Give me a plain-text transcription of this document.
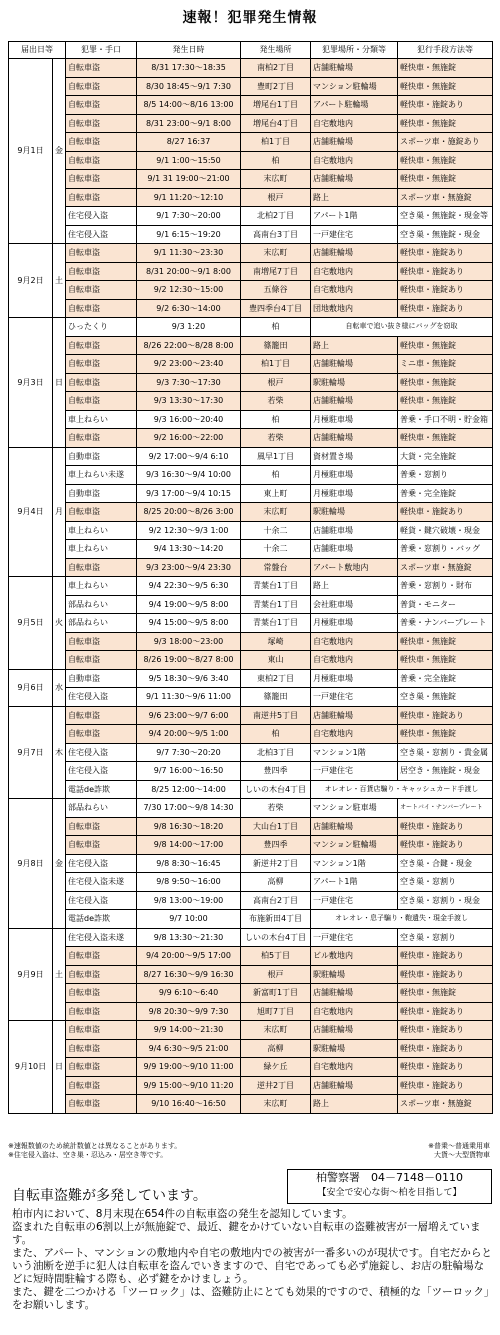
速報！犯罪発生情報
届出日等		犯罪・手口	発生日時	発生場所	犯罪場所・分類等	犯行手段方法等
9月1日	金	自転車盗	8/31 17:30～18:35	南柏2丁目	店舗駐輪場	軽快車・無施錠
		自転車盗	8/30 18:45～9/1 7:30	豊町2丁目	マンション駐輪場	軽快車・無施錠
		自転車盗	8/5 14:00～8/16 13:00	増尾台1丁目	アパート駐輪場	軽快車・施錠あり
		自転車盗	8/31 23:00～9/1 8:00	増尾台4丁目	自宅敷地内	軽快車・無施錠
		自転車盗	8/27 16:37	柏1丁目	店舗駐輪場	スポーツ車・施錠あり
		自転車盗	9/1 1:00～15:50	柏	自宅敷地内	軽快車・無施錠
		自転車盗	9/1 31 19:00～21:00	末広町	店舗駐輪場	軽快車・無施錠
		自転車盗	9/1 11:20～12:10	根戸	路上	スポーツ車・無施錠
		住宅侵入盗	9/1 7:30～20:00	北柏2丁目	アパート1階	空き巣・無施錠・現金等
		住宅侵入盗	9/1 6:15～19:20	高南台3丁目	一戸建住宅	空き巣・無施錠・現金
9月2日	土	自転車盗	9/1 11:30～23:30	末広町	店舗駐輪場	軽快車・施錠あり
		自転車盗	8/31 20:00～9/1 8:00	南増尾7丁目	自宅敷地内	軽快車・施錠あり
		自転車盗	9/2 12:30～15:00	五條谷	自宅敷地内	軽快車・施錠あり
		自転車盗	9/2 6:30～14:00	豊四季台4丁目	団地敷地内	軽快車・施錠あり
9月3日	日	ひったくり	9/3 1:20	柏	自転車で追い抜き様にバッグを窃取	
		自転車盗	8/26 22:00～8/28 8:00	篠籠田	路上	軽快車・無施錠
		自転車盗	9/2 23:00～23:40	柏1丁目	店舗駐輪場	ミニ車・無施錠
		自転車盗	9/3 7:30～17:30	根戸	駅駐輪場	軽快車・無施錠
		自転車盗	9/3 13:30～17:30	若柴	店舗駐輪場	軽快車・無施錠
		車上ねらい	9/3 16:00～20:40	柏	月極駐車場	普乗・手口不明・貯金箱
		自転車盗	9/2 16:00～22:00	若柴	店舗駐輪場	軽快車・無施錠
9月4日	月	自動車盗	9/2 17:00～9/4 6:10	風早1丁目	資材置き場	大貨・完全施錠
		車上ねらい未遂	9/3 16:30～9/4 10:00	柏	月極駐車場	普乗・窓割り
		自動車盗	9/3 17:00～9/4 10:15	東上町	月極駐車場	普乗・完全施錠
		自転車盗	8/25 20:00～8/26 3:00	末広町	駅駐輪場	軽快車・施錠あり
		車上ねらい	9/2 12:30～9/3 1:00	十余二	店舗駐車場	軽貨・鍵穴破壊・現金
		車上ねらい	9/4 13:30～14:20	十余二	店舗駐車場	普乗・窓割り・バッグ
		自転車盗	9/3 23:00～9/4 23:30	常盤台	アパート敷地内	スポーツ車・無施錠
9月5日	火	車上ねらい	9/4 22:30～9/5 6:30	青葉台1丁目	路上	普乗・窓割り・財布
		部品ねらい	9/4 19:00～9/5 8:00	青葉台1丁目	会社駐車場	普貨・モニター
		部品ねらい	9/4 15:00～9/5 8:00	青葉台1丁目	月極駐車場	普乗・ナンバープレート
		自転車盗	9/3 18:00～23:00	塚崎	自宅敷地内	軽快車・無施錠
		自転車盗	8/26 19:00～8/27 8:00	東山	自宅敷地内	軽快車・無施錠
9月6日	水	自動車盗	9/5 18:30～9/6 3:40	東柏2丁目	月極駐車場	普乗・完全施錠
		住宅侵入盗	9/1 11:30～9/6 11:00	篠籠田	一戸建住宅	空き巣・無施錠
9月7日	木	自転車盗	9/6 23:00～9/7 6:00	南逆井5丁目	店舗駐輪場	軽快車・施錠あり
		自転車盗	9/4 20:00～9/5 1:00	柏	自宅敷地内	軽快車・無施錠
		住宅侵入盗	9/7 7:30～20:20	北柏3丁目	マンション1階	空き巣・窓割り・貴金属
		住宅侵入盗	9/7 16:00～16:50	豊四季	一戸建住宅	居空き・無施錠・現金
		電話de詐欺	8/25 12:00～14:00	しいの木台4丁目	オレオレ・百貨店騙り・キャッシュカード手渡し	
9月8日	金	部品ねらい	7/30 17:00～9/8 14:30	若柴	マンション駐車場	オートバイ・ナンバープレート
		自転車盗	9/8 16:30～18:20	大山台1丁目	店舗駐輪場	軽快車・施錠あり
		自転車盗	9/8 14:00～17:00	豊四季	マンション駐輪場	軽快車・施錠あり
		住宅侵入盗	9/8 8:30～16:45	新逆井2丁目	マンション1階	空き巣・合鍵・現金
		住宅侵入盗未遂	9/8 9:50～16:00	高柳	アパート1階	空き巣・窓割り
		住宅侵入盗	9/8 13:00～19:00	高南台2丁目	一戸建住宅	空き巣・窓割り・現金
		電話de詐欺	9/7 10:00	布施新田4丁目	オレオレ・息子騙り・鞄遺失・現金手渡し	
9月9日	土	住宅侵入盗未遂	9/8 13:30～21:30	しいの木台4丁目	一戸建住宅	空き巣・窓割り
		自転車盗	9/4 20:00～9/5 17:00	柏5丁目	ビル敷地内	軽快車・施錠あり
		自転車盗	8/27 16:30～9/9 16:30	根戸	駅駐輪場	軽快車・施錠あり
		自転車盗	9/9 6:10～6:40	新富町1丁目	店舗駐輪場	軽快車・無施錠
		自転車盗	9/8 20:30～9/9 7:30	旭町7丁目	自宅敷地内	軽快車・施錠あり
9月10日	日	自転車盗	9/9 14:00～21:30	末広町	店舗駐輪場	軽快車・施錠あり
		自転車盗	9/4 6:30～9/5 21:00	高柳	駅駐輪場	軽快車・施錠あり
		自転車盗	9/9 19:00～9/10 11:00	緑ケ丘	自宅敷地内	軽快車・施錠あり
		自転車盗	9/9 15:00～9/10 11:20	逆井2丁目	店舗駐輪場	軽快車・施錠あり
		自転車盗	9/10 16:40～16:50	末広町	路上	スポーツ車・無施錠
※速報数値のため統計数値とは異なることがあります。
※住宅侵入盗は、空き巣・忍込み・居空き等です。
※普乗～普通乗用車
大貨～大型貨物車
柏警察署　04－7148－0110
【安全で安心な街～柏を目指して】
自転車盗難が多発しています。

柏市内において、8月末現在654件の自転車盗の発生を認知しています。

盗まれた自転車の6割以上が無施錠で、最近、鍵をかけていない自転車の盗難被害が一層増えています。

また、アパート、マンションの敷地内や自宅の敷地内での被害が一番多いのが現状です。自宅だからという油断を逆手に犯人は自転車を盗んでいきますので、自宅であっても必ず施錠し、お店の駐輪場などに短時間駐輪する際も、必ず鍵をかけましょう。

また、鍵を二つかける「ツーロック」は、盗難防止にとても効果的ですので、積極的な「ツーロック」をお願いします。
